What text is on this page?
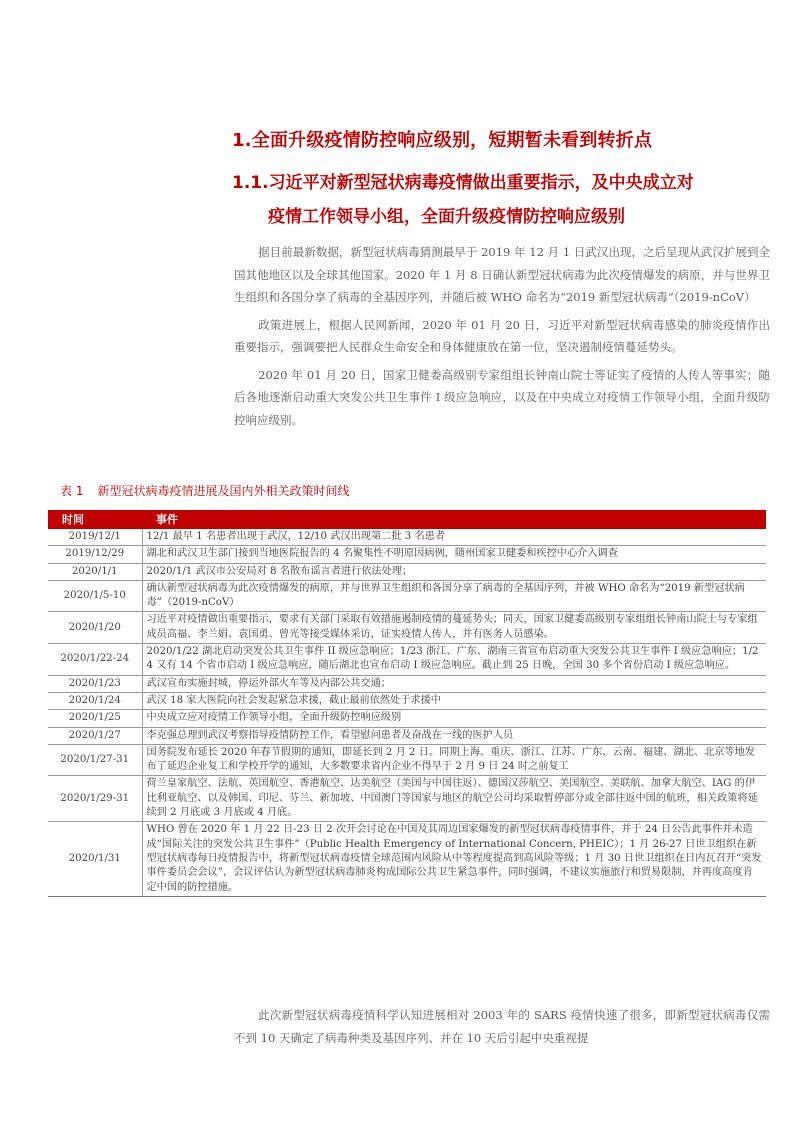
1.全面升级疫情防控响应级别，短期暂未看到转折点
1.1.习近平对新型冠状病毒疫情做出重要指示，及中央成立对
疫情工作领导小组，全面升级疫情防控响应级别

据目前最新数据，新型冠状病毒猜测最早于 2019 年 12 月 1 日武汉出现，之后呈现从武汉扩展到全国其他地区以及全球其他国家。2020 年 1 月 8 日确认新型冠状病毒为此次疫情爆发的病原，并与世界卫生组织和各国分享了病毒的全基因序列，并随后被 WHO 命名为“2019 新型冠状病毒”（2019-nCoV）

政策进展上，根据人民网新闻，2020 年 01 月 20 日，习近平对新型冠状病毒感染的肺炎疫情作出重要指示，强调要把人民群众生命安全和身体健康放在第一位，坚决遏制疫情蔓延势头。

2020 年 01 月 20 日，国家卫健委高级别专家组组长钟南山院士等证实了疫情的人传人等事实；随后各地逐渐启动重大突发公共卫生事件 I 级应急响应，以及在中央成立对疫情工作领导小组，全面升级防控响应级别。

表 1 新型冠状病毒疫情进展及国内外相关政策时间线
时间	事件
2019/12/1	12/1 最早 1 名患者出现于武汉，12/10 武汉出现第二批 3 名患者
2019/12/29	湖北和武汉卫生部门接到当地医院报告的 4 名聚集性不明原因病例，随州国家卫健委和疾控中心介入调查
2020/1/1	2020/1/1 武汉市公安局对 8 名散布谣言者进行依法处理；
2020/1/5-10	确认新型冠状病毒为此次疫情爆发的病原，并与世界卫生组织和各国分享了病毒的全基因序列，并被 WHO 命名为“2019 新型冠状病毒”（2019-nCoV）
2020/1/20	习近平对疫情做出重要指示，要求有关部门采取有效措施遏制疫情的蔓延势头；同天，国家卫健委高级别专家组组长钟南山院士与专家组成员高福、李兰娟、袁国勇、曾光等接受媒体采访，证实疫情人传人，并有医务人员感染。
2020/1/22-24	2020/1/22 湖北启动突发公共卫生事件 II 级应急响应；1/23 浙江、广东、湖南三省宣布启动重大突发公共卫生事件 I 级应急响应；1/24 又有 14 个省市启动 I 级应急响应，随后湖北也宣布启动 I 级应急响应。截止到 25 日晚，全国 30 多个省份启动 I 级应急响应。
2020/1/23	武汉宣布实施封城，停运外部火车等及内部公共交通；
2020/1/24	武汉 18 家大医院向社会发起紧急求援，截止最前依然处于求援中
2020/1/25	中央成立应对疫情工作领导小组，全面升级防控响应级别
2020/1/27	李克强总理到武汉考察指导疫情防控工作，看望慰问患者及奋战在一线的医护人员
2020/1/27-31	国务院发布延长 2020 年春节假期的通知，即延长到 2 月 2 日。同期上海、重庆、浙江、江苏、广东、云南、福建、湖北、北京等地发布了延迟企业复工和学校开学的通知，大多数要求省内企业不得早于 2 月 9 日 24 时之前复工
2020/1/29-31	荷兰皇家航空、法航、英国航空、香港航空、达美航空（美国与中国往返）、德国汉莎航空、美国航空、美联航、加拿大航空、IAG 的伊比利亚航空、以及韩国、印尼、芬兰、新加坡、中国澳门等国家与地区的航空公司均采取暂停部分或全部往返中国的航班，相关政策将延续到 2 月底或 3 月底或 4 月底。
2020/1/31	WHO 曾在 2020 年 1 月 22 日-23 日 2 次开会讨论在中国及其周边国家爆发的新型冠状病毒疫情事件，并于 24 日公告此事件并未造成“国际关注的突发公共卫生事件”（Public Health Emergency of International Concern, PHEIC）；1 月 26-27 日世卫组织在新型冠状病毒每日疫情报告中，将新型冠状病毒疫情全球范围内风险从中等程度提高到高风险等级；1 月 30 日世卫组织在日内瓦召开“突发事件委员会会议”，会议评估认为新型冠状病毒肺炎构成国际公共卫生紧急事件，同时强调，不建议实施旅行和贸易限制，并再度高度肯定中国的防控措施。

此次新型冠状病毒疫情科学认知进展相对 2003 年的 SARS 疫情快速了很多，即新型冠状病毒仅需不到 10 天确定了病毒种类及基因序列、并在 10 天后引起中央重视提
